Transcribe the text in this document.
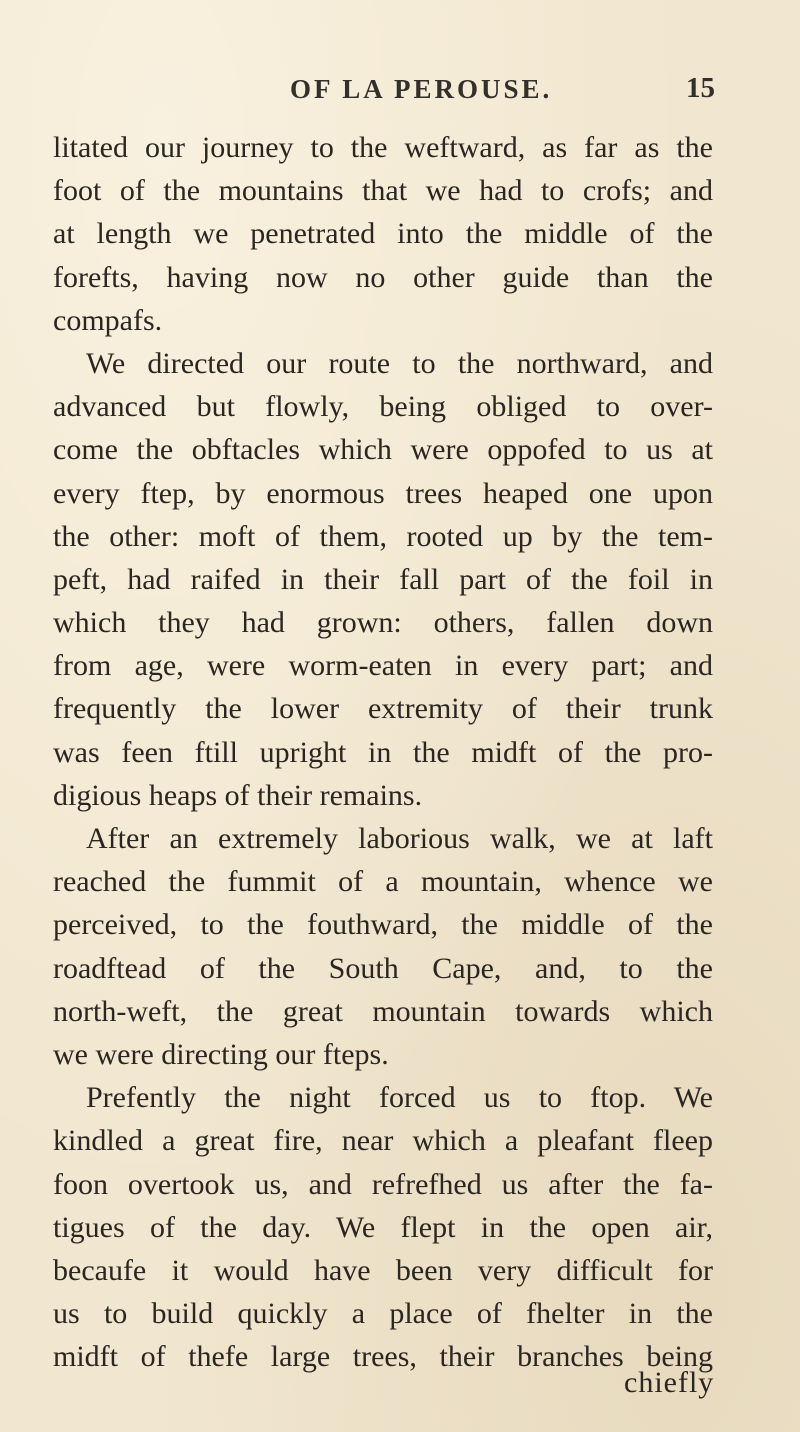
OF LA PEROUSE.	15
litated our journey to the weftward, as far as the
foot of the mountains that we had to crofs; and
at length we penetrated into the middle of the
forefts, having now no other guide than the
compafs.
We directed our route to the northward, and
advanced but flowly, being obliged to over-
come the obftacles which were oppofed to us at
every ftep, by enormous trees heaped one upon
the other: moft of them, rooted up by the tem-
peft, had raifed in their fall part of the foil in
which they had grown: others, fallen down
from age, were worm-eaten in every part; and
frequently the lower extremity of their trunk
was feen ftill upright in the midft of the pro-
digious heaps of their remains.
After an extremely laborious walk, we at laft
reached the fummit of a mountain, whence we
perceived, to the fouthward, the middle of the
roadftead of the South Cape, and, to the
north-weft, the great mountain towards which
we were directing our fteps.
Prefently the night forced us to ftop. We
kindled a great fire, near which a pleafant fleep
foon overtook us, and refrefhed us after the fa-
tigues of the day. We flept in the open air,
becaufe it would have been very difficult for
us to build quickly a place of fhelter in the
midft of thefe large trees, their branches being
chiefly
